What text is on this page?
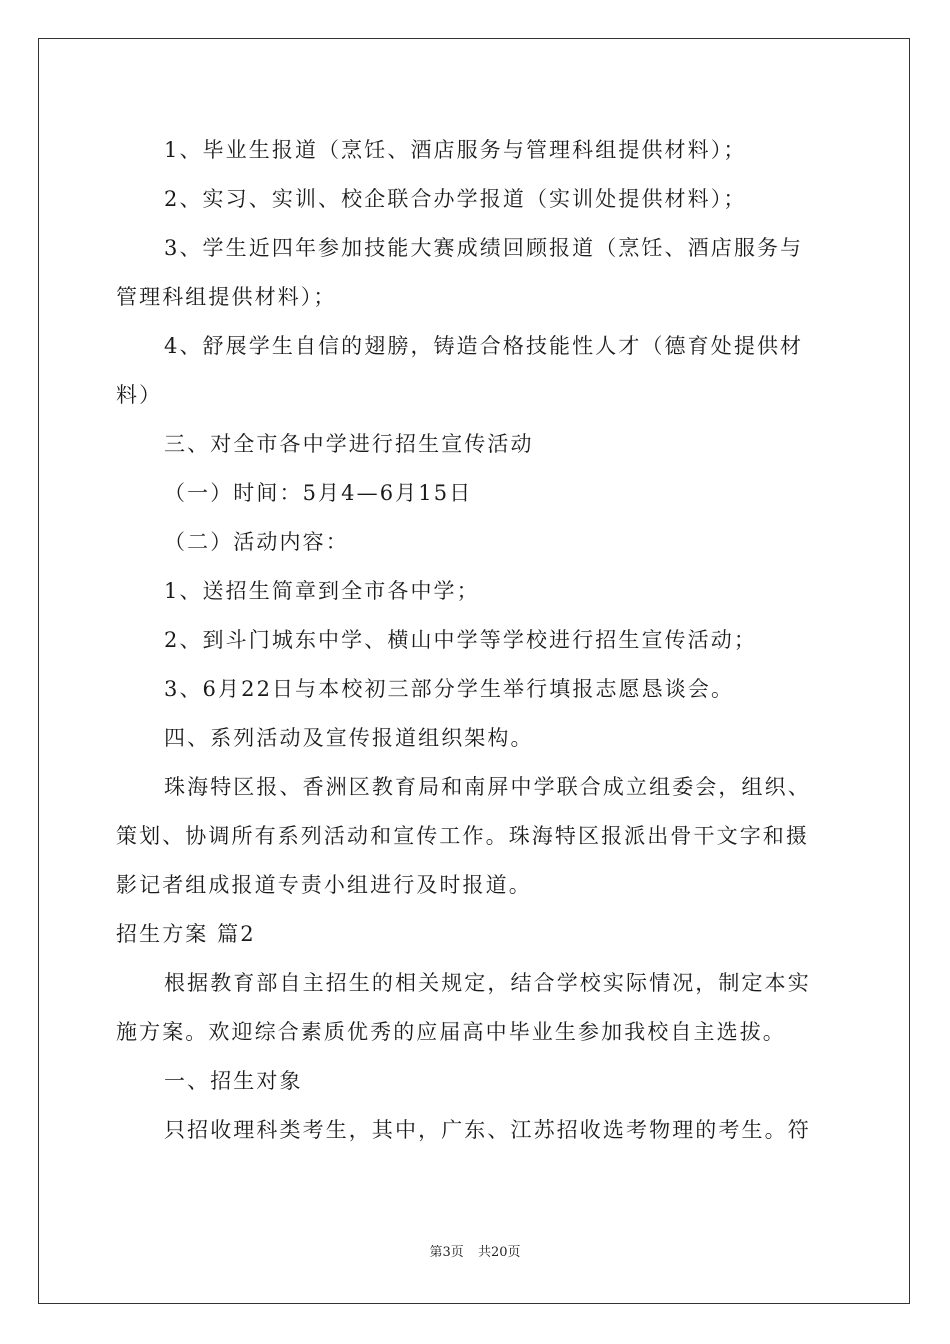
1、毕业生报道（烹饪、酒店服务与管理科组提供材料）；
2、实习、实训、校企联合办学报道（实训处提供材料）；
3、学生近四年参加技能大赛成绩回顾报道（烹饪、酒店服务与
管理科组提供材料）；
4、舒展学生自信的翅膀，铸造合格技能性人才（德育处提供材
料）
三、对全市各中学进行招生宣传活动
（一）时间：5月4—6月15日
（二）活动内容：
1、送招生简章到全市各中学；
2、到斗门城东中学、横山中学等学校进行招生宣传活动；
3、6月22日与本校初三部分学生举行填报志愿恳谈会。
四、系列活动及宣传报道组织架构。
珠海特区报、香洲区教育局和南屏中学联合成立组委会，组织、
策划、协调所有系列活动和宣传工作。珠海特区报派出骨干文字和摄
影记者组成报道专责小组进行及时报道。
招生方案 篇2
根据教育部自主招生的相关规定，结合学校实际情况，制定本实
施方案。欢迎综合素质优秀的应届高中毕业生参加我校自主选拔。
一、招生对象
只招收理科类考生，其中，广东、江苏招收选考物理的考生。符
第3页 共20页
